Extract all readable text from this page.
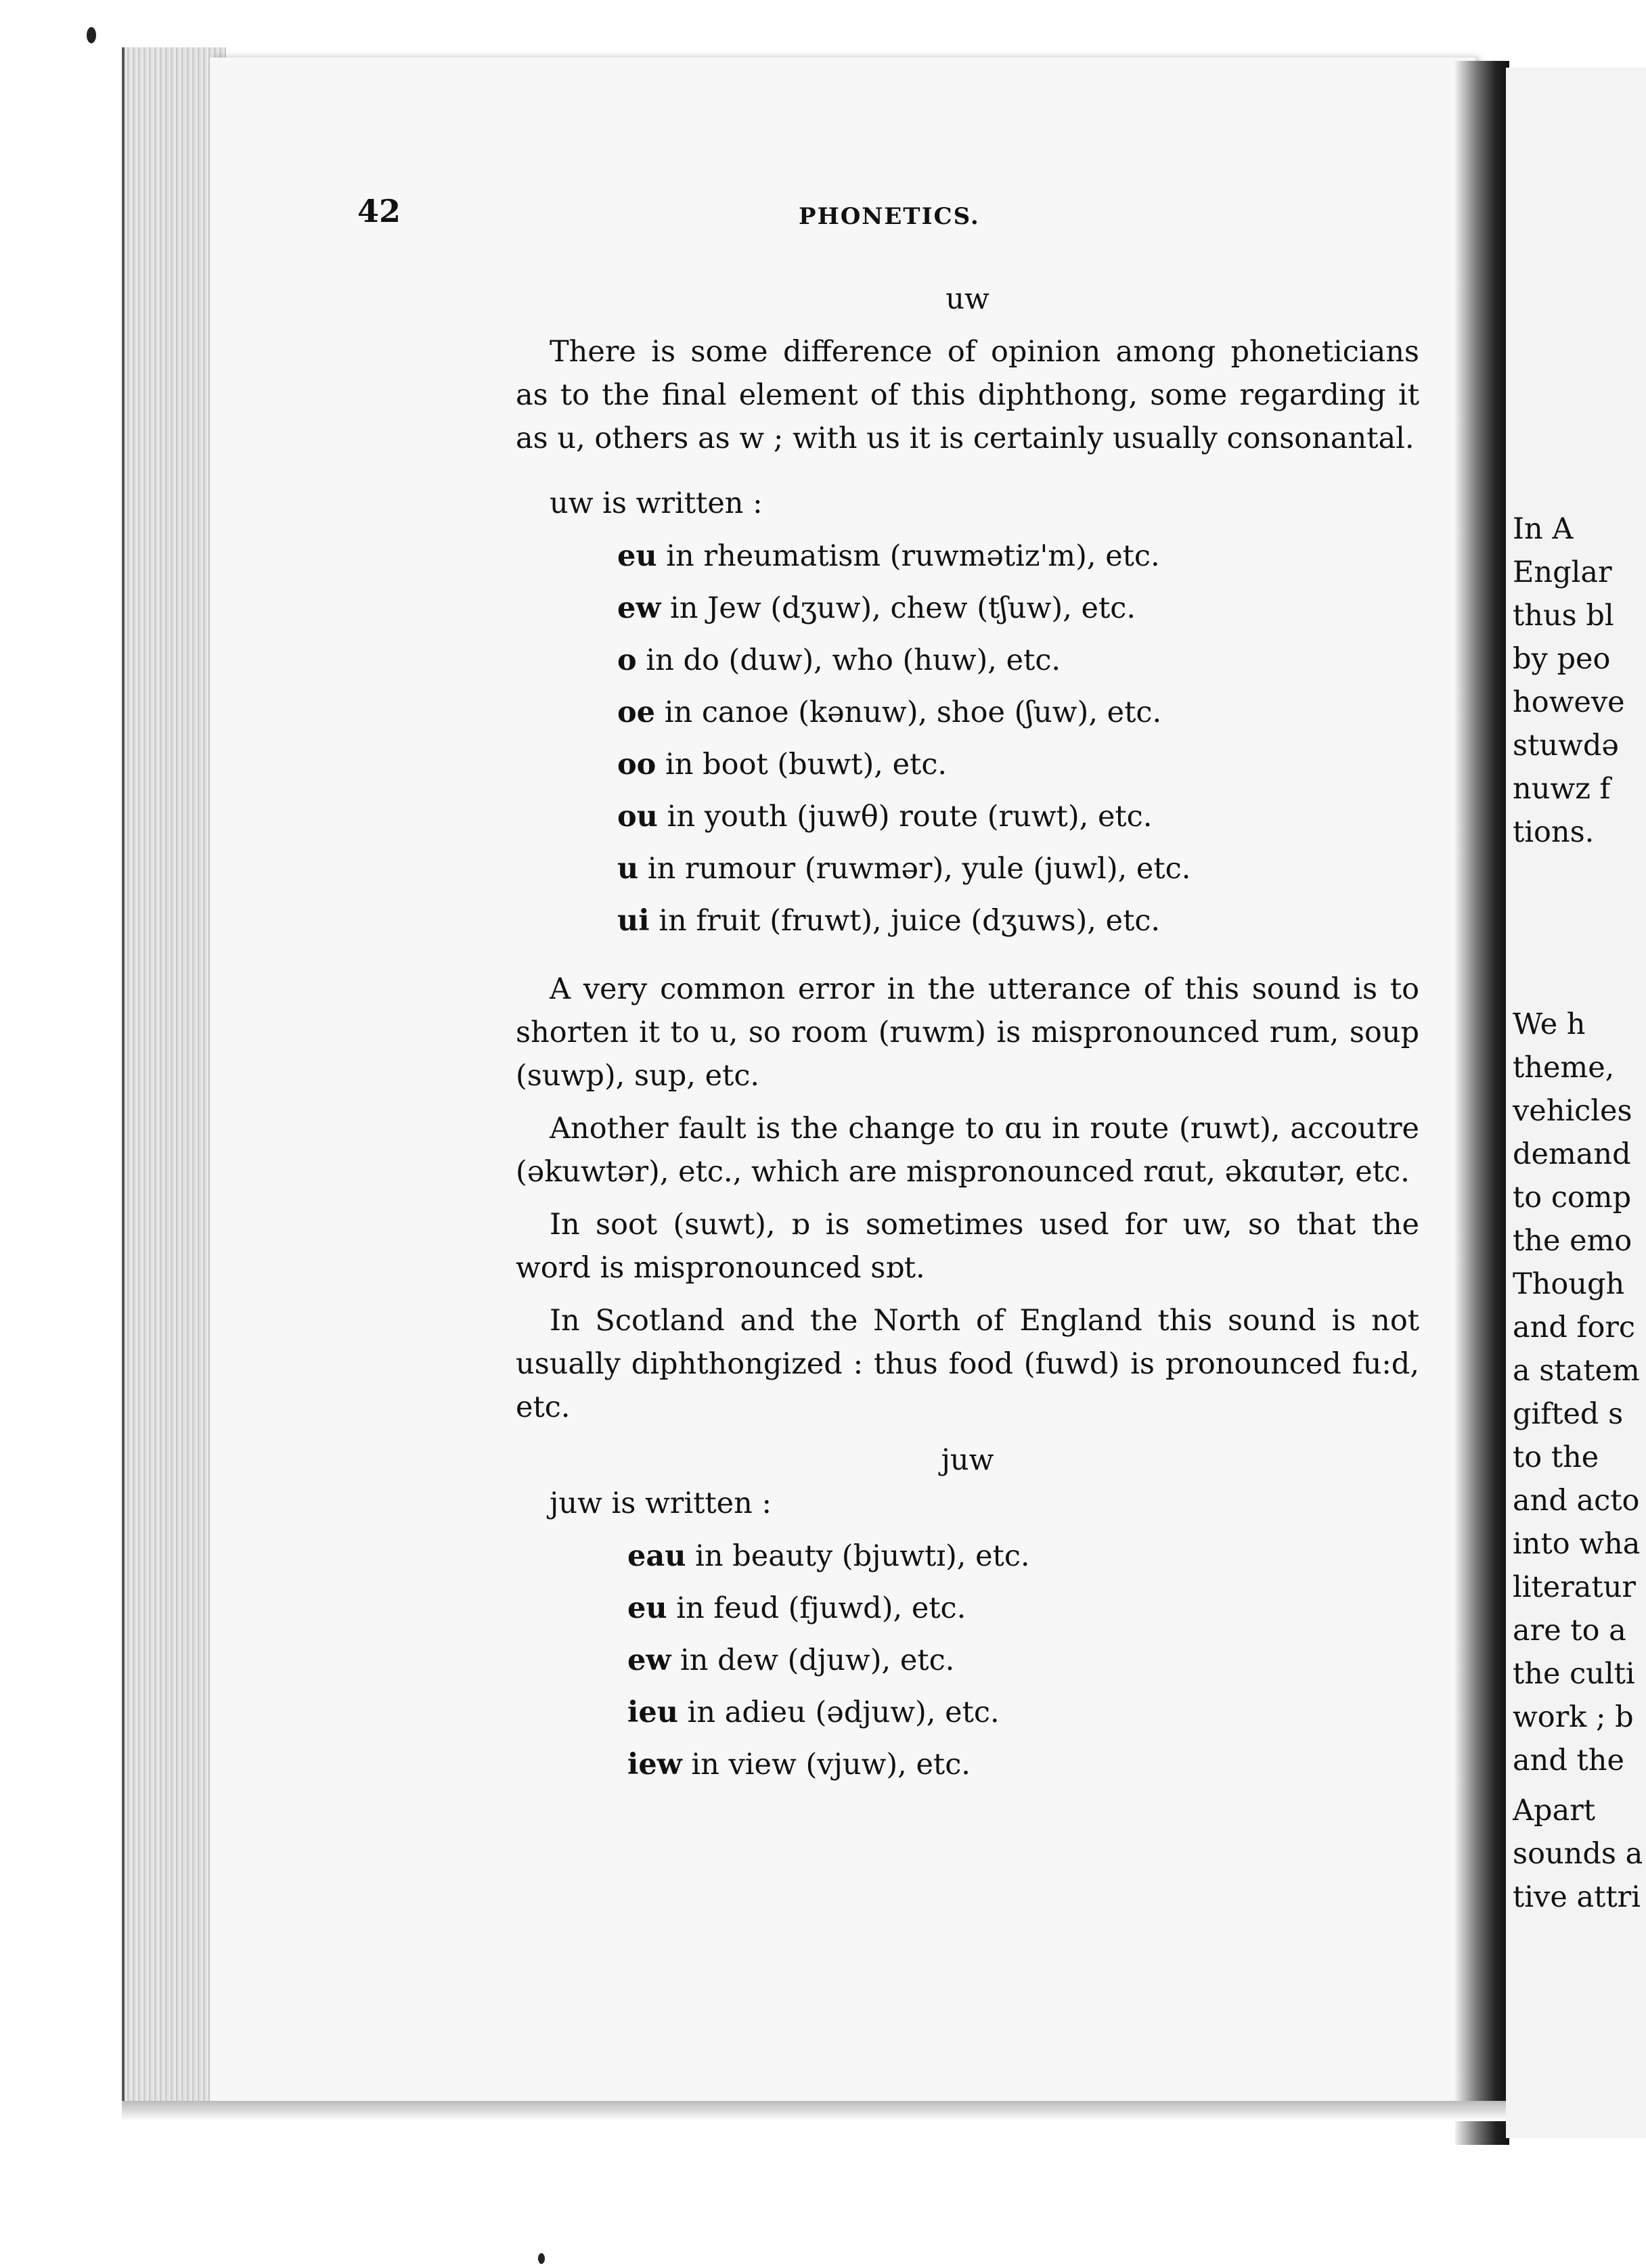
42	PHONETICS.
uw

There is some difference of opinion among phoneticians as to the final element of this diphthong, some regarding it as u, others as w ; with us it is certainly usually consonantal.

uw is written :
eu in rheumatism (ruwmətiz'm), etc.
ew in Jew (dʒuw), chew (tʃuw), etc.
o in do (duw), who (huw), etc.
oe in canoe (kənuw), shoe (ʃuw), etc.
oo in boot (buwt), etc.
ou in youth (juwθ) route (ruwt), etc.
u in rumour (ruwmər), yule (juwl), etc.
ui in fruit (fruwt), juice (dʒuws), etc.

A very common error in the utterance of this sound is to shorten it to u, so room (ruwm) is mispronounced rum, soup (suwp), sup, etc.

Another fault is the change to ɑu in route (ruwt), accoutre (əkuwtər), etc., which are mispronounced rɑut, əkɑutər, etc.

In soot (suwt), ɒ is sometimes used for uw, so that the word is mispronounced sɒt.

In Scotland and the North of England this sound is not usually diphthongized : thus food (fuwd) is pronounced fu:d, etc.

juw
juw is written :
eau in beauty (bjuwtɪ), etc.
eu in feud (fjuwd), etc.
ew in dew (djuw), etc.
ieu in adieu (ədjuw), etc.
iew in view (vjuw), etc.
In A
Englar
thus bl
by peo
howeve
stuwdə
nuwz f
tions.
We h
theme,
vehicles
demand
to comp
the emo
Though
and forc
a statem
gifted s
to the
and acto
into wha
literatur
are to a
the culti
work ; b
and the
Apart
sounds a
tive attri
